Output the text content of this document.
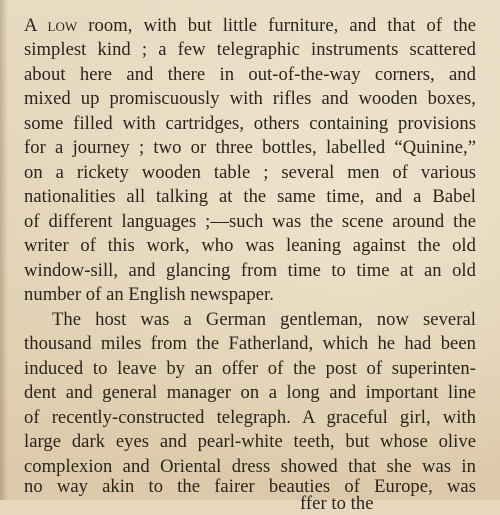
A low room, with but little furniture, and that of the
simplest kind ; a few telegraphic instruments scattered
about here and there in out-of-the-way corners, and
mixed up promiscuously with rifles and wooden boxes,
some filled with cartridges, others containing provisions
for a journey ; two or three bottles, labelled “Quinine,”
on a rickety wooden table ; several men of various
nationalities all talking at the same time, and a Babel
of different languages ;—such was the scene around the
writer of this work, who was leaning against the old
window-sill, and glancing from time to time at an old
number of an English newspaper.
The host was a German gentleman, now several
thousand miles from the Fatherland, which he had been
induced to leave by an offer of the post of superinten-
dent and general manager on a long and important line
of recently-constructed telegraph. A graceful girl, with
large dark eyes and pearl-white teeth, but whose olive
complexion and Oriental dress showed that she was in
no way akin to the fairer beauties of Europe, was
ffer to the
